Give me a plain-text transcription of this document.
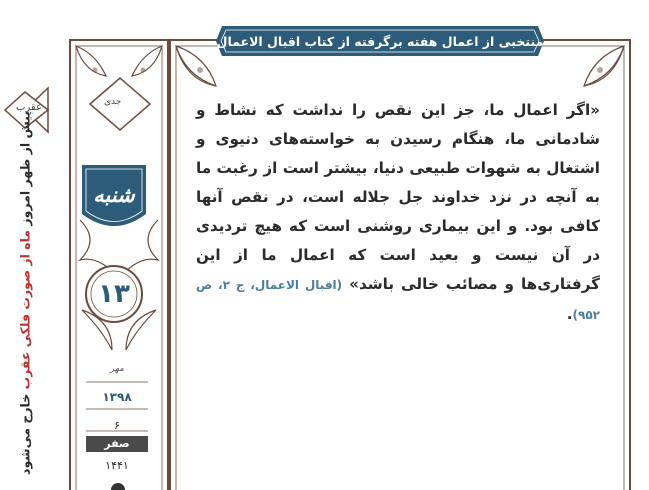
منتخبی از اعمال هفته برگرفته از کتاب اقبال الاعمال
«اگر اعمال ما، جز این نقص را نداشت که نشاط و شادمانی ما، هنگام رسیدن به خواسته‌های دنیوی و اشتغال به شهوات طبیعی دنیا، بیشتر است از رغبت ما به آنچه در نزد خداوند جل جلاله است، در نقص آنها کافی بود. و این بیماری روشنی است که هیچ تردیدی در آن نیست و بعید است که اعمال ما از این گرفتاری‌ها و مصائب خالی باشد» (اقبال الاعمال، ج ۲، ص ۹۵۲).
عقرب	جدی
پیش از ظهر امروز ماه از صورت فلکی عقرب خارج می‌شود
شنبه
۱۳
مهر
۱۳۹۸
۶
صفر
۱۴۴۱
